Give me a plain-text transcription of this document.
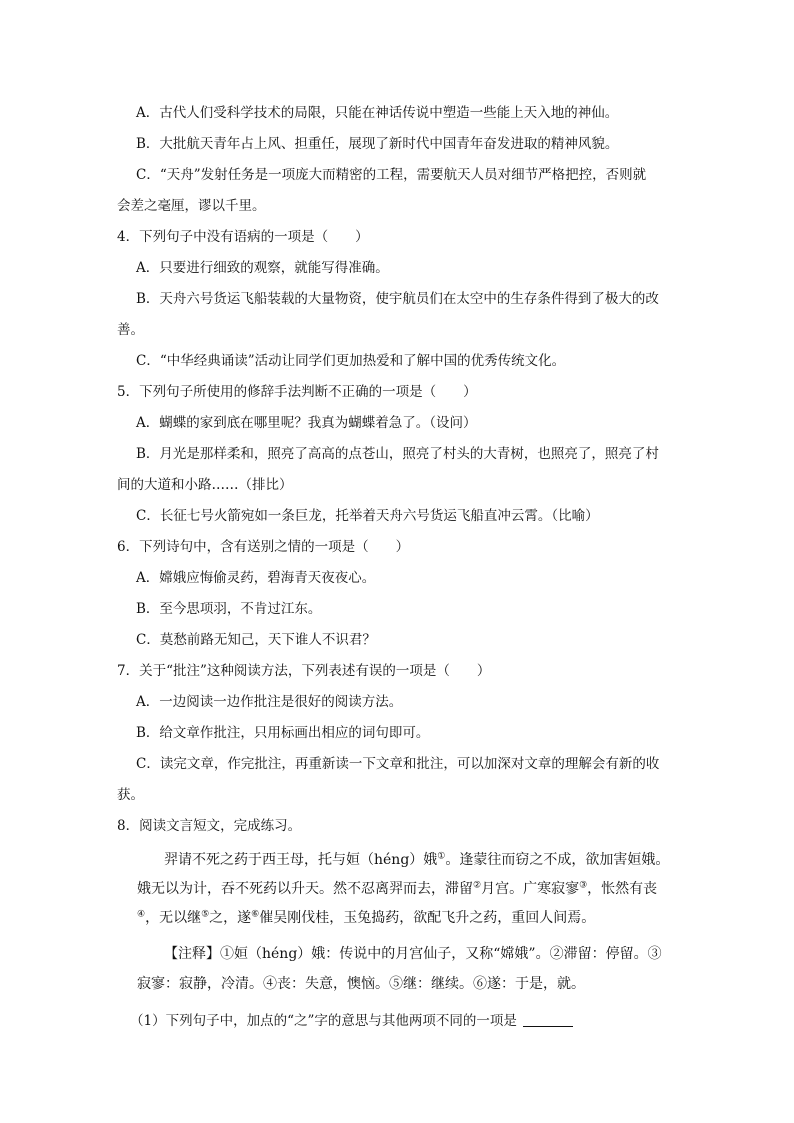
A．古代人们受科学技术的局限，只能在神话传说中塑造一些能上天入地的神仙。
B．大批航天青年占上风、担重任，展现了新时代中国青年奋发进取的精神风貌。
C．“天舟”发射任务是一项庞大而精密的工程，需要航天人员对细节严格把控，否则就
会差之毫厘，谬以千里。
4．下列句子中没有语病的一项是（　　）
A．只要进行细致的观察，就能写得准确。
B．天舟六号货运飞船装载的大量物资，使宇航员们在太空中的生存条件得到了极大的改
善。
C．“中华经典诵读”活动让同学们更加热爱和了解中国的优秀传统文化。
5．下列句子所使用的修辞手法判断不正确的一项是（　　）
A．蝴蝶的家到底在哪里呢？我真为蝴蝶着急了。（设问）
B．月光是那样柔和，照亮了高高的点苍山，照亮了村头的大青树，也照亮了，照亮了村
间的大道和小路……（排比）
C．长征七号火箭宛如一条巨龙，托举着天舟六号货运飞船直冲云霄。（比喻）
6．下列诗句中，含有送别之情的一项是（　　）
A．嫦娥应悔偷灵药，碧海青天夜夜心。
B．至今思项羽，不肯过江东。
C．莫愁前路无知己，天下谁人不识君？
7．关于“批注”这种阅读方法，下列表述有误的一项是（　　）
A．一边阅读一边作批注是很好的阅读方法。
B．给文章作批注，只用标画出相应的词句即可。
C．读完文章，作完批注，再重新读一下文章和批注，可以加深对文章的理解会有新的收
获。
8．阅读文言短文，完成练习。
羿请不死之药于西王母，托与姮（héng）娥①。逢蒙往而窃之不成，欲加害姮娥。
娥无以为计，吞不死药以升天。然不忍离羿而去，滞留②月宫。广寒寂寥③，怅然有丧
④，无以继⑤之，遂⑥催吴刚伐桂，玉兔捣药，欲配飞升之药，重回人间焉。
【注释】①姮（héng）娥：传说中的月宫仙子，又称“嫦娥”。②滞留：停留。③
寂寥：寂静，冷清。④丧：失意，懊恼。⑤继：继续。⑥遂：于是，就。
（1）下列句子中，加点的“之”字的意思与其他两项不同的一项是
